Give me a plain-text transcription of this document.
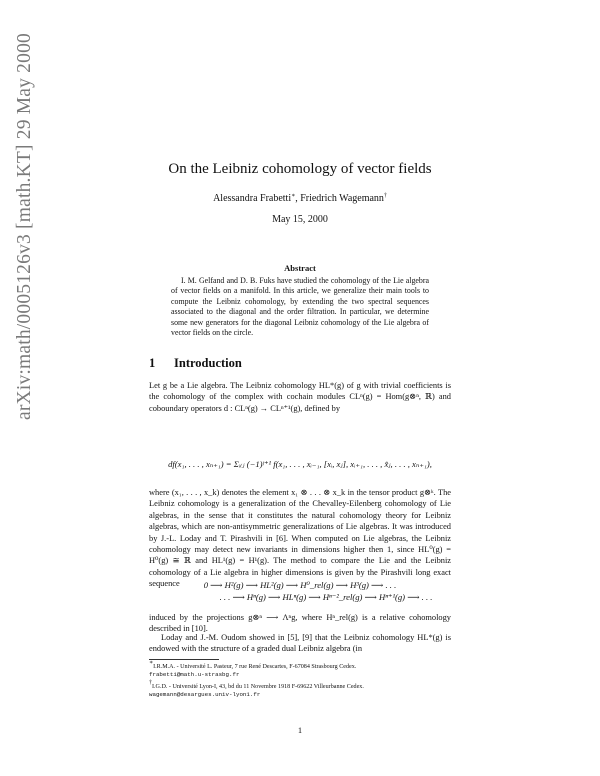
arXiv:math/0005126v3 [math.KT] 29 May 2000	On the Leibniz cohomology of vector fields
Alessandra Frabetti∗, Friedrich Wagemann†
May 15, 2000
Abstract
I. M. Gelfand and D. B. Fuks have studied the cohomology of the Lie algebra of vector fields on a manifold. In this article, we generalize their main tools to compute the Leibniz cohomology, by extending the two spectral sequences associated to the diagonal and the order filtration. In particular, we determine some new generators for the diagonal Leibniz cohomology of the Lie algebra of vector fields on the circle.
1 Introduction
Let g be a Lie algebra. The Leibniz cohomology HL*(g) of g with trivial coefficients is the cohomology of the complex with cochain modules CLⁿ(g) = Hom(g⊗ⁿ, ℝ) and coboundary operators d : CLⁿ(g) → CLⁿ⁺¹(g), defined by
df(x₁, . . . , xₙ₊₁) = Σᵢ₍ⱼ (−1)ʲ⁺¹ f(x₁, . . . , xᵢ₋₁, [xᵢ, xⱼ], xᵢ₊₁, . . . , x̂ⱼ, . . . , xₙ₊₁),
where (x₁, . . . , x_k) denotes the element x₁ ⊗ . . . ⊗ x_k in the tensor product g⊗ᵏ. The Leibniz cohomology is a generalization of the Chevalley-Eilenberg cohomology of Lie algebras, in the sense that it constitutes the natural cohomology theory for Leibniz algebras, which are non-antisymmetric generalizations of Lie algebras. It was introduced by J.-L. Loday and T. Pirashvili in [6]. When computed on Lie algebras, the Leibniz cohomology may detect new invariants in dimensions higher then 1, since HL⁰(g) = H⁰(g) ≅ ℝ and HL¹(g) = H¹(g). The method to compare the Lie and the Leibniz cohomology of a Lie algebra in higher dimensions is given by the Pirashvili long exact sequence	0 ⟶ H²(g) ⟶ HL²(g) ⟶ H⁰_rel(g) ⟶ H³(g) ⟶ . . .
. . . ⟶ Hⁿ(g) ⟶ HLⁿ(g) ⟶ Hⁿ⁻²_rel(g) ⟶ Hⁿ⁺¹(g) ⟶ . . .
induced by the projections g⊗ⁿ ⟶ Λⁿg, where Hⁿ_rel(g) is a relative cohomology described in [10].
Loday and J.-M. Oudom showed in [5], [9] that the Leibniz cohomology HL*(g) is endowed with the structure of a graded dual Leibniz algebra (in
∗I.R.M.A. - Université L. Pasteur, 7 rue René Descartes, F-67084 Strasbourg Cedex.
frabetti@math.u-strasbg.fr
†I.G.D. - Université Lyon-I, 43, bd du 11 Novembre 1918 F-69622 Villeurbanne Cedex.
wagemann@desargues.univ-lyon1.fr
1
